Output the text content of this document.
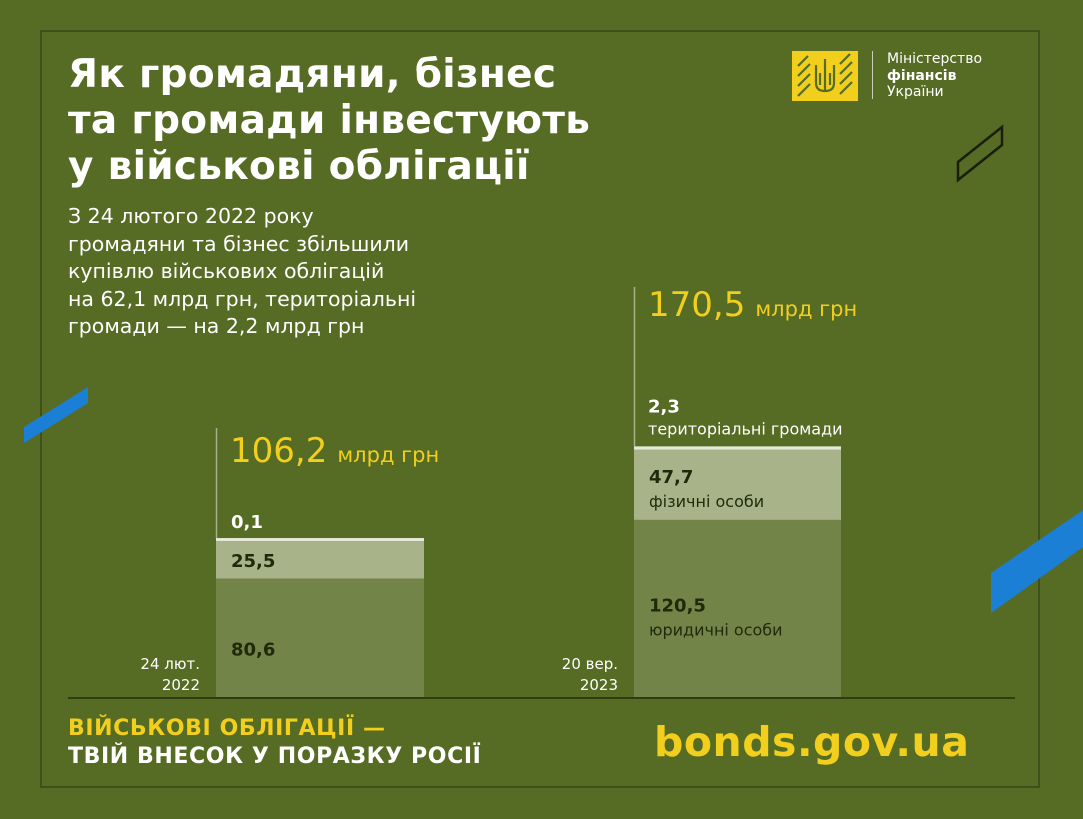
Як громадяни, бізнес
та громади інвестують
у військові облігації
З 24 лютого 2022 року
громадяни та бізнес збільшили
купівлю військових облігацій
на 62,1 млрд грн, територіальні
громади — на 2,2 млрд грн
Міністерство
фінансів
України
106,2 млрд грн
80,6
25,5
0,1
24 лют.
2022
170,5 млрд грн
120,5
юридичні особи
47,7
фізичні особи
2,3
територіальні громади
20 вер.
2023
ВІЙСЬКОВІ ОБЛІГАЦІЇ —
ТВІЙ ВНЕСОК У ПОРАЗКУ РОСІЇ	bonds.gov.ua
